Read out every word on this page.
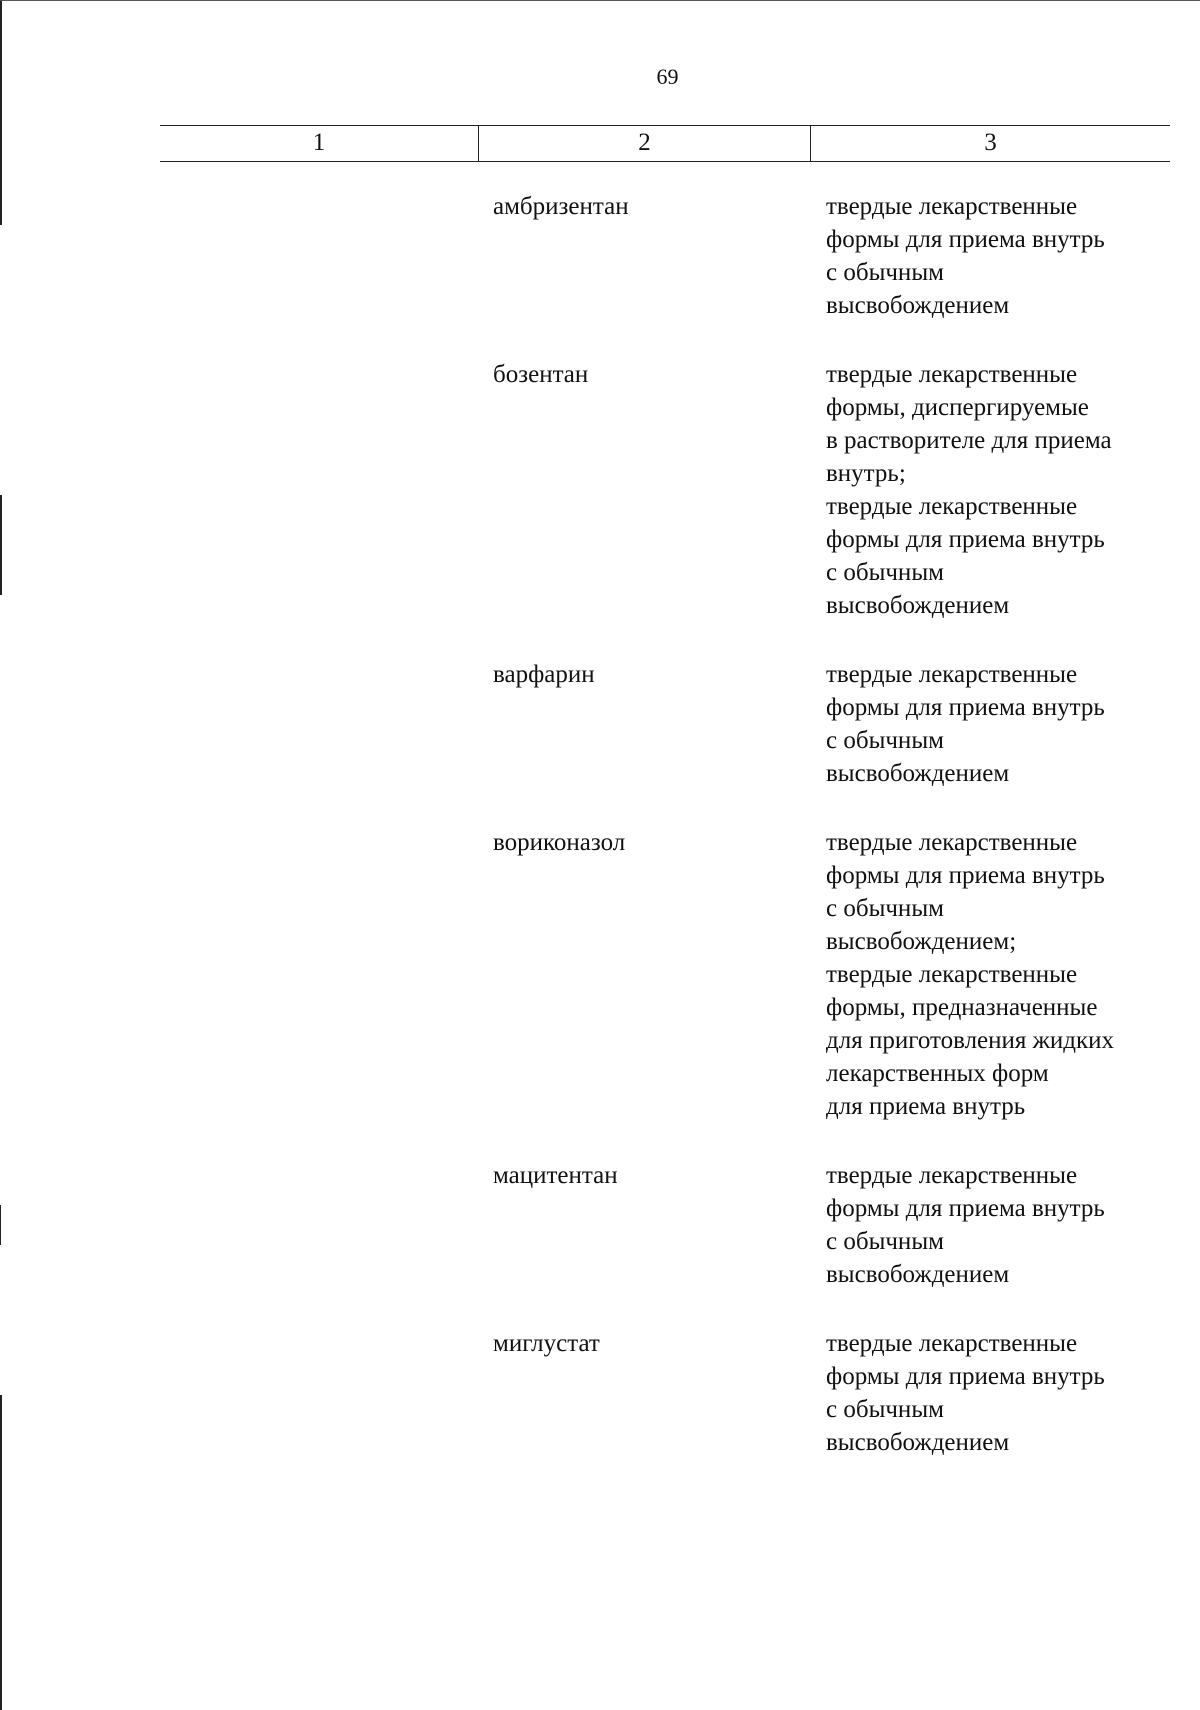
69
1	2	3
амбризентан	твердые лекарственные
формы для приема внутрь
с обычным
высвобождением
бозентан	твердые лекарственные
формы, диспергируемые
в растворителе для приема
внутрь;
твердые лекарственные
формы для приема внутрь
с обычным
высвобождением
варфарин	твердые лекарственные
формы для приема внутрь
с обычным
высвобождением
вориконазол	твердые лекарственные
формы для приема внутрь
с обычным
высвобождением;
твердые лекарственные
формы, предназначенные
для приготовления жидких
лекарственных форм
для приема внутрь
мацитентан	твердые лекарственные
формы для приема внутрь
с обычным
высвобождением
миглустат	твердые лекарственные
формы для приема внутрь
с обычным
высвобождением
